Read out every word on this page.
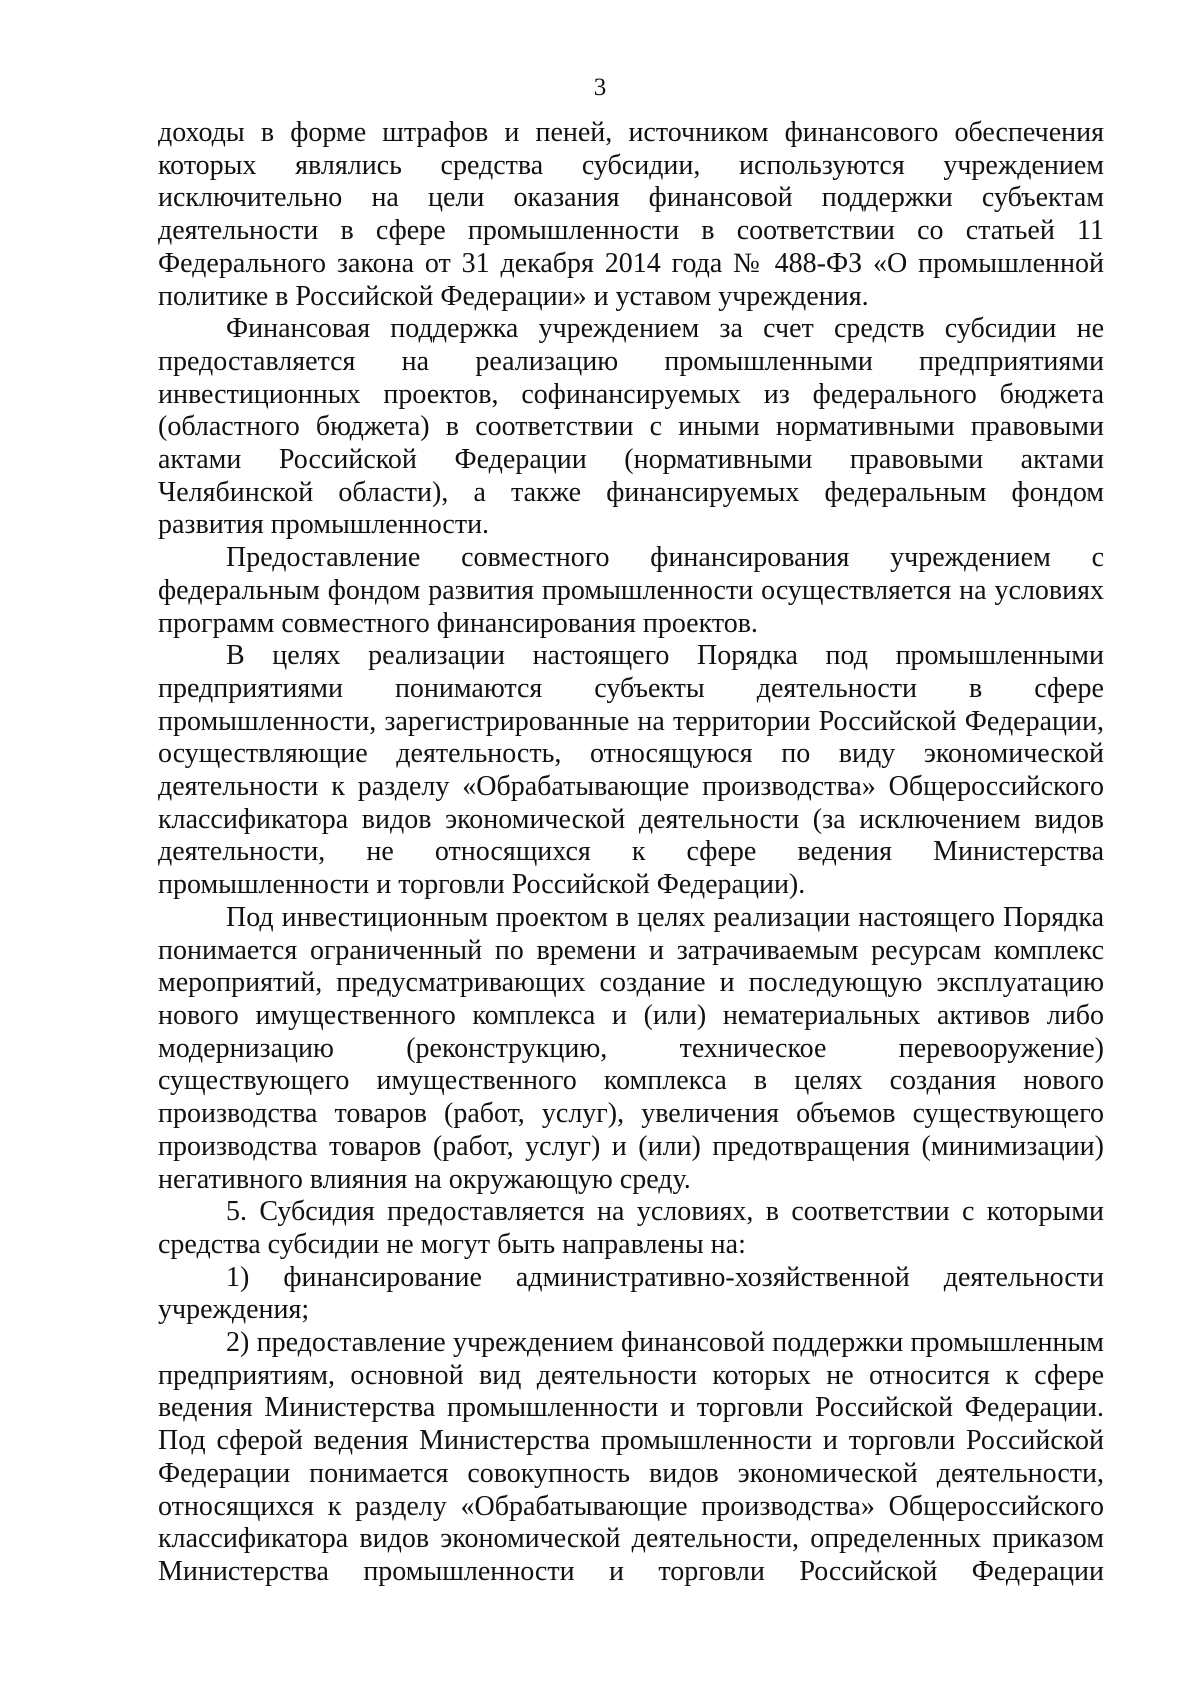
3

доходы в форме штрафов и пеней, источником финансового обеспечения которых являлись средства субсидии, используются учреждением исключительно на цели оказания финансовой поддержки субъектам деятельности в сфере промышленности в соответствии со статьей 11 Федерального закона от 31 декабря 2014 года № 488-ФЗ «О промышленной политике в Российской Федерации» и уставом учреждения.

Финансовая поддержка учреждением за счет средств субсидии не предоставляется на реализацию промышленными предприятиями инвестиционных проектов, софинансируемых из федерального бюджета (областного бюджета) в соответствии с иными нормативными правовыми актами Российской Федерации (нормативными правовыми актами Челябинской области), а также финансируемых федеральным фондом развития промышленности.

Предоставление совместного финансирования учреждением с федеральным фондом развития промышленности осуществляется на условиях программ совместного финансирования проектов.

В целях реализации настоящего Порядка под промышленными предприятиями понимаются субъекты деятельности в сфере промышленности, зарегистрированные на территории Российской Федерации, осуществляющие деятельность, относящуюся по виду экономической деятельности к разделу «Обрабатывающие производства» Общероссийского классификатора видов экономической деятельности (за исключением видов деятельности, не относящихся к сфере ведения Министерства промышленности и торговли Российской Федерации).

Под инвестиционным проектом в целях реализации настоящего Порядка понимается ограниченный по времени и затрачиваемым ресурсам комплекс мероприятий, предусматривающих создание и последующую эксплуатацию нового имущественного комплекса и (или) нематериальных активов либо модернизацию (реконструкцию, техническое перевооружение) существующего имущественного комплекса в целях создания нового производства товаров (работ, услуг), увеличения объемов существующего производства товаров (работ, услуг) и (или) предотвращения (минимизации) негативного влияния на окружающую среду.

5. Субсидия предоставляется на условиях, в соответствии с которыми средства субсидии не могут быть направлены на:

1) финансирование административно-хозяйственной деятельности учреждения;

2) предоставление учреждением финансовой поддержки промышленным предприятиям, основной вид деятельности которых не относится к сфере ведения Министерства промышленности и торговли Российской Федерации. Под сферой ведения Министерства промышленности и торговли Российской Федерации понимается совокупность видов экономической деятельности, относящихся к разделу «Обрабатывающие производства» Общероссийского классификатора видов экономической деятельности, определенных приказом Министерства промышленности и торговли Российской Федерации
